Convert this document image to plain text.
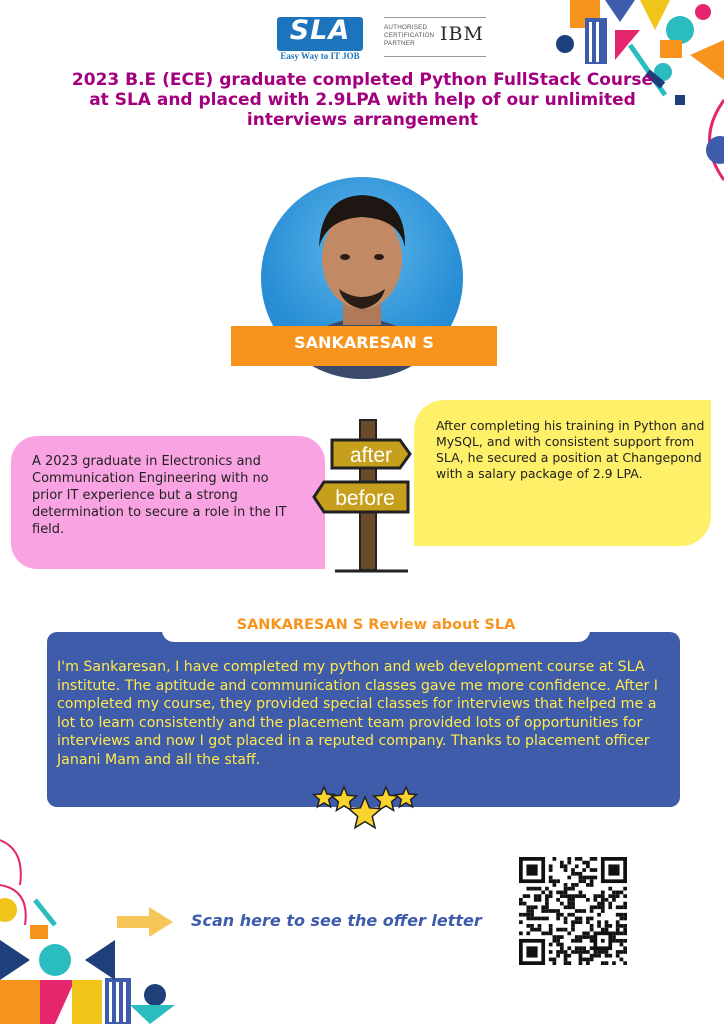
SLA
Easy Way to IT JOB
AUTHORISED
CERTIFICATION
PARTNER	IBM
2023 B.E (ECE) graduate completed Python FullStack Course at SLA and placed with 2.9LPA with help of our unlimited interviews arrangement
SANKARESAN S
A 2023 graduate in Electronics and Communication Engineering with no prior IT experience but a strong determination to secure a role in the IT field.
After completing his training in Python and MySQL, and with consistent support from SLA, he secured a position at Changepond with a salary package of 2.9 LPA.
after
before
SANKARESAN S Review about SLA
I'm Sankaresan, I have completed my python and web development course at SLA institute. The aptitude and communication classes gave me more confidence. After I completed my course, they provided special classes for interviews that helped me a lot to learn consistently and the placement team provided lots of opportunities for interviews and now I got placed in a reputed company. Thanks to placement officer Janani Mam and all the staff.
Scan here to see the offer letter
